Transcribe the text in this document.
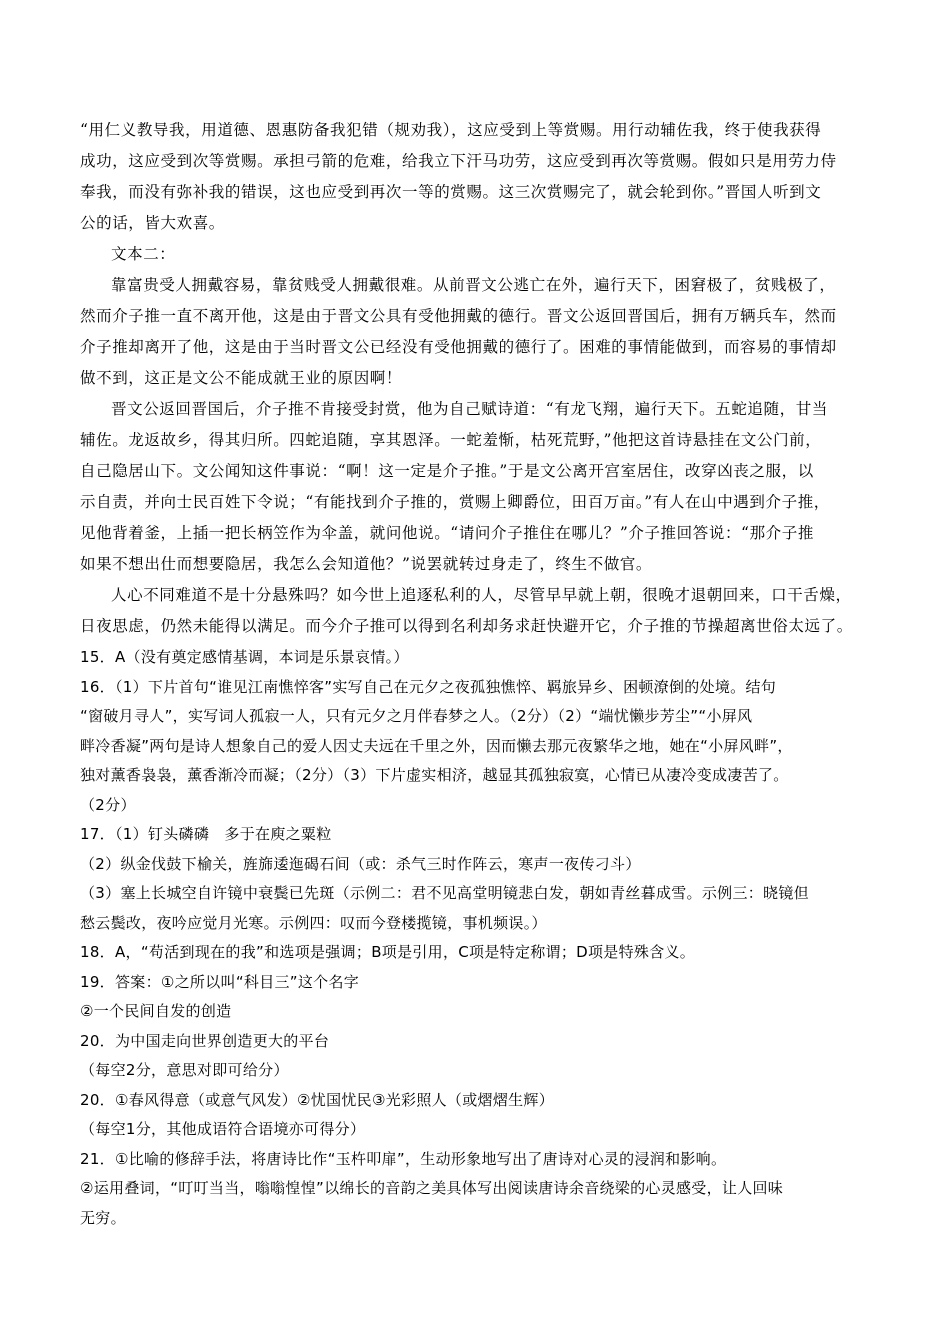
“用仁义教导我，用道德、恩惠防备我犯错（规劝我），这应受到上等赏赐。用行动辅佐我，终于使我获得
成功，这应受到次等赏赐。承担弓箭的危难，给我立下汗马功劳，这应受到再次等赏赐。假如只是用劳力侍
奉我，而没有弥补我的错误，这也应受到再次一等的赏赐。这三次赏赐完了，就会轮到你。”晋国人听到文
公的话，皆大欢喜。
文本二：
靠富贵受人拥戴容易，靠贫贱受人拥戴很难。从前晋文公逃亡在外，遍行天下，困窘极了，贫贱极了，
然而介子推一直不离开他，这是由于晋文公具有受他拥戴的德行。晋文公返回晋国后，拥有万辆兵车，然而
介子推却离开了他，这是由于当时晋文公已经没有受他拥戴的德行了。困难的事情能做到，而容易的事情却
做不到，这正是文公不能成就王业的原因啊！
晋文公返回晋国后，介子推不肯接受封赏，他为自己赋诗道：“有龙飞翔，遍行天下。五蛇追随，甘当
辅佐。龙返故乡，得其归所。四蛇追随，享其恩泽。一蛇羞惭，枯死荒野，”他把这首诗悬挂在文公门前，
自己隐居山下。文公闻知这件事说：“啊！这一定是介子推。”于是文公离开宫室居住，改穿凶丧之服，以
示自责，并向士民百姓下令说；“有能找到介子推的，赏赐上卿爵位，田百万亩。”有人在山中遇到介子推，
见他背着釜，上插一把长柄笠作为伞盖，就问他说。“请问介子推住在哪儿？”介子推回答说：“那介子推
如果不想出仕而想要隐居，我怎么会知道他？”说罢就转过身走了，终生不做官。
人心不同难道不是十分悬殊吗？如今世上追逐私利的人，尽管早早就上朝，很晚才退朝回来，口干舌燥，
日夜思虑，仍然未能得以满足。而今介子推可以得到名利却务求赶快避开它，介子推的节操超离世俗太远了。
15．A（没有奠定感情基调，本词是乐景哀情。）
16．（1）下片首句“谁见江南憔悴客”实写自己在元夕之夜孤独憔悴、羁旅异乡、困顿潦倒的处境。结句
“窗破月寻人”，实写词人孤寂一人，只有元夕之月伴春梦之人。（2分）（2）“端忧懒步芳尘”“小屏风
畔冷香凝”两句是诗人想象自己的爱人因丈夫远在千里之外，因而懒去那元夜繁华之地，她在“小屏风畔”，
独对薰香袅袅，薰香渐冷而凝；（2分）（3）下片虚实相济，越显其孤独寂寞，心情已从凄冷变成凄苦了。
（2分）
17．（1）钉头磷磷　多于在庾之粟粒
（2）纵金伐鼓下榆关，旌旆逶迤碣石间（或：杀气三时作阵云，寒声一夜传刁斗）
（3）塞上长城空自许镜中衰鬓已先斑（示例二：君不见高堂明镜悲白发，朝如青丝暮成雪。示例三：晓镜但
愁云鬓改，夜吟应觉月光寒。示例四：叹而今登楼揽镜，事机频误。）
18．A，“苟活到现在的我”和选项是强调；B项是引用，C项是特定称谓；D项是特殊含义。
19．答案：①之所以叫“科目三”这个名字
②一个民间自发的创造
20．为中国走向世界创造更大的平台
（每空2分，意思对即可给分）
20．①春风得意（或意气风发）②忧国忧民③光彩照人（或熠熠生辉）
（每空1分，其他成语符合语境亦可得分）
21．①比喻的修辞手法，将唐诗比作“玉杵叩扉”，生动形象地写出了唐诗对心灵的浸润和影响。
②运用叠词，“叮叮当当，嗡嗡惶惶”以绵长的音韵之美具体写出阅读唐诗余音绕梁的心灵感受，让人回味
无穷。
